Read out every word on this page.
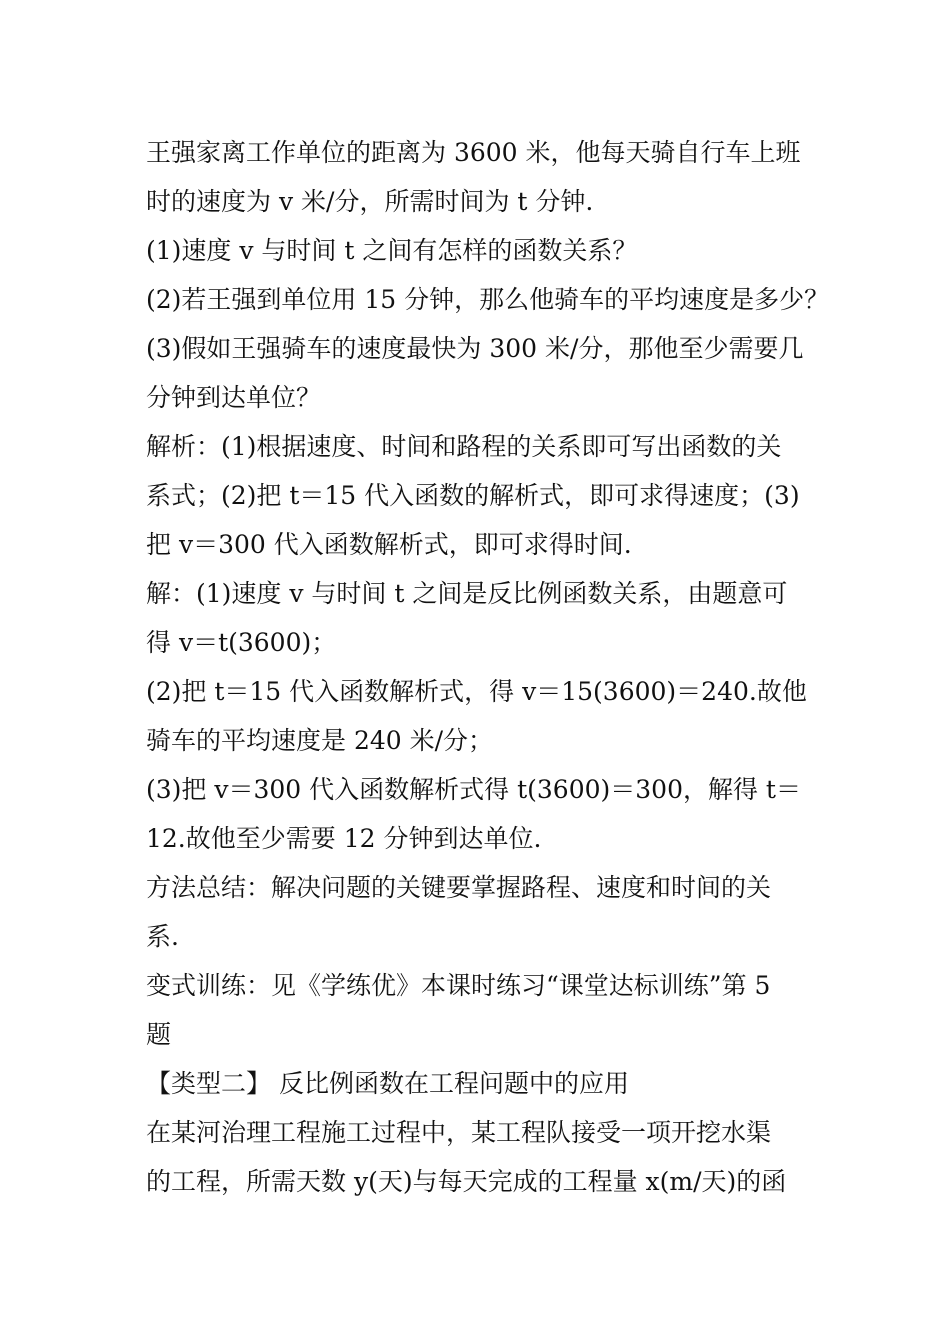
王强家离工作单位的距离为 3600 米，他每天骑自行车上班
时的速度为 v 米/分，所需时间为 t 分钟.
(1)速度 v 与时间 t 之间有怎样的函数关系？
(2)若王强到单位用 15 分钟，那么他骑车的平均速度是多少？
(3)假如王强骑车的速度最快为 300 米/分，那他至少需要几
分钟到达单位？
解析：(1)根据速度、时间和路程的关系即可写出函数的关
系式；(2)把 t＝15 代入函数的解析式，即可求得速度；(3)
把 v＝300 代入函数解析式，即可求得时间.
解：(1)速度 v 与时间 t 之间是反比例函数关系，由题意可
得 v＝t(3600)；
(2)把 t＝15 代入函数解析式，得 v＝15(3600)＝240.故他
骑车的平均速度是 240 米/分；
(3)把 v＝300 代入函数解析式得 t(3600)＝300，解得 t＝
12.故他至少需要 12 分钟到达单位.
方法总结：解决问题的关键要掌握路程、速度和时间的关
系.
变式训练：见《学练优》本课时练习“课堂达标训练”第 5
题
【类型二】 反比例函数在工程问题中的应用
在某河治理工程施工过程中，某工程队接受一项开挖水渠
的工程，所需天数 y(天)与每天完成的工程量 x(m/天)的函
